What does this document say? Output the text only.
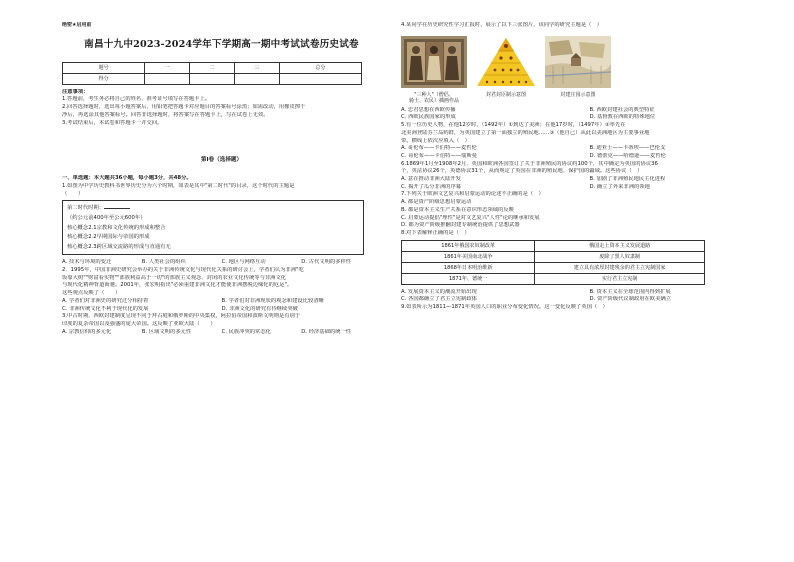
绝密★启用前
南昌十九中2023-2024学年下学期高一期中考试试卷历史试卷
题号	一	二	三	总分
得分				
注意事项：
1.答题前，考生务必将自己的姓名、准考证号填写在答题卡上。
2.回答选择题时，选出每小题答案后，用铅笔把答题卡对应题目的答案标号涂黑；如需改动，用橡皮擦干
净后，再选涂其他答案标号。回答非选择题时，将答案写在答题卡上，写在试卷上无效。
3.考试结束后，本试卷和答题卡一并交回。
第I卷（选择题）
一、单选题：本大题共36小题，每小题3分，共48分。
1.如图为中学历史教科书世界历史分为六个时期，如表是其中"第二时代"的目录，这个时代的主题是
（　　）
第二时代时期：
（约公元前400年至公元600年）
核心概念2.1宗教和文化传统的形成和整合
核心概念2.2早期国际与帝国的形成
核心概念2.3跨区域交流路的形成与直通有无
A. 技术与环境的变迁	B. 人类社会的组织	C. 地区与网络互动	D. 古代文明的多样性
2．1995年，中国非洲史研究会举办的关于非洲传统文化与现代化关系的研讨会上，学者们认为非洲"吃
饭靠大树""财富看实物""部族利益高于一切"的部族主义观念、封闭的农业文化传统等与非洲文化
与现代化精神背道而驰。2001年，张宏明指出"必须重建非洲文化才能使非洲摆脱边缘化的厄运"。
这些观点反映了（　　）
A. 学者们对非洲史的研究过分相持着	B. 学者们对非洲现状的观念和建设比较清晰
C. 非洲传统文化不利于现代化的发展	D. 非洲文化的研究有待继续突破
3.中古时期，西欧封建制度呈现不同于拜占庭和俄罗斯的中央集权，阿拉伯帝国和波斯文明则是有别于
印度的复杂帝国以及强盛的庞大帝国。这反映了亚欧大陆（　　）
A. 宗教信仰的多元化	B. 区域文明的多元性	C. 民族冲突的常态化	D. 经济基础的统一性
4.某同学在历史研究性学习汇报时，展示了以下三张图片，该同学的研究主题是（　）
"三种人"（僧侣、
骑士、农民）插画作品
封君封臣制示意图	封建庄园示意图
A. 忠君思想在西欧传播	B. 西欧封建社会的典型特征
C. 西欧民族国家的形成	D. 基督教在西欧的特殊地位
5.有一位历史人物，在他12岁时，（1492年）①到达了美洲；在他17岁时，（1497年）②率先在
北美洲登陆芬兰岛屿群，为英国建立了第一面独立的殖民地……③（他自己）从此以美洲地区为主要事业地
带。横线上依次应填入（　）
A. 哥伦布——卡伯特——麦哲伦	B. 迪亚士——卡蒂埃——巴伦支
C. 哥伦布——卡伯特——瑞斯曼	D. 德蕾克——哈德逊——麦哲伦
6.1869年1月至1908年2月，英国和欧洲各国签订了关于非洲殖民的协议约100个，其中确定为英国的协议36
个，英法协议26个，英德协议31个，从而规定了英国在非洲的殖民地、保护国的疆域。这些协议（　）
A. 意在推动非洲大陆开发	B. 加剧了非洲殖民地民主化进程
C. 揭开了瓜分非洲的序幕	D. 确立了外来非洲的领地
7.下列关于欧洲文艺复兴和启蒙运动的论述不正确的是（　）
A. 都是资产阶级思想启蒙运动
B. 都是资本主义生产关系在意识形态领域的反映
C. 启蒙运动提倡"理性"是对文艺复兴"人性"论的继承和发展
D. 都为资产阶级推翻封建专制统治提供了思想武器
8.对下表解释正确的是（　）
1861年俄国农奴制改革	俄国走上资本主义发展道路
1861年美国南北战争	废除了黑人奴隶制
1868年日本明治维新	建立具有浓厚封建残余的君主立宪制国家
1871年、德统一	实行君主立宪制
A. 发展资本主义的潮流开始出现	B. 资本主义在全球范围内得到扩展
C. 各国都确立了君主立宪制政体	D. 资产阶级代议制政府在欧美确立
9.如表所示为1811—1871年英国人口的职业分布变化情况。这一变化反映了英国（　）
